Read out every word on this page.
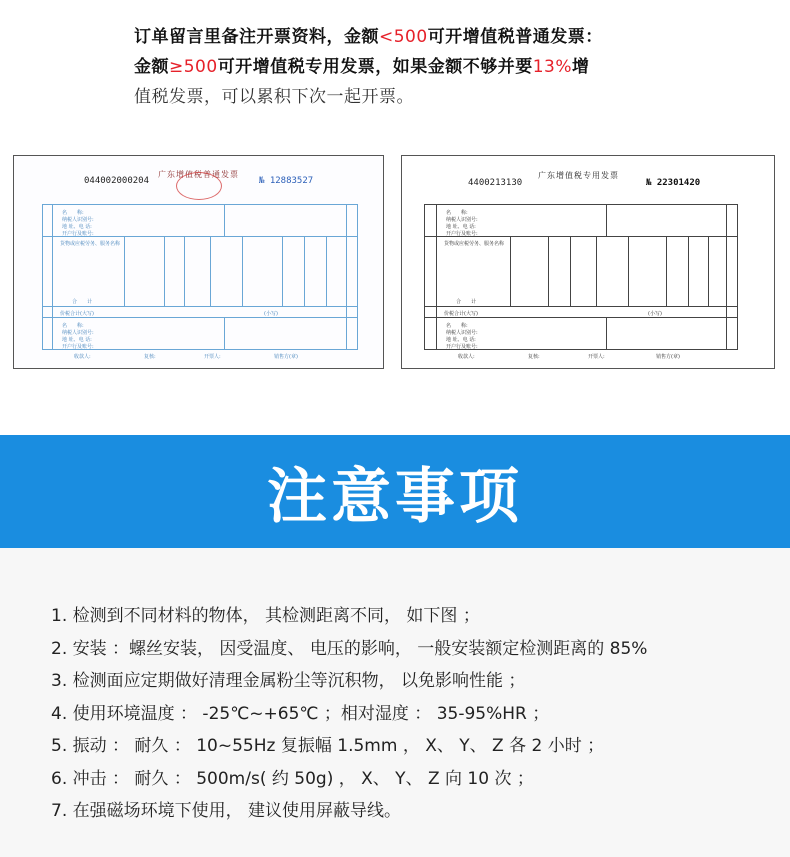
订单留言里备注开票资料，金额<500可开增值税普通发票：

金额≥500可开增值税专用发票，如果金额不够并要13%增

值税发票，可以累积下次一起开票。

044002000204
广东增值税普通发票
№ 12883527
名　　称:
纳税人识别号:
地 址、电 话:
开户行及账号:
货物或应税劳务、服务名称
合　　计
价税合计(大写)	(小写)
名　　称:
纳税人识别号:
地 址、电 话:
开户行及账号:
收款人:	复核:	开票人:	销售方(章)
4400213130
广东增值税专用发票
№ 22301420
名　　称:
纳税人识别号:
地 址、电 话:
开户行及账号:
货物或应税劳务、服务名称
合　　计
价税合计(大写)	(小写)
名　　称:
纳税人识别号:
地 址、电 话:
开户行及账号:
收款人:	复核:	开票人:	销售方(章)
注意事项
1. 检测到不同材料的物体， 其检测距离不同， 如下图 ；
2. 安装 ：螺丝安装， 因受温度、 电压的影响， 一般安装额定检测距离的 85%
3. 检测面应定期做好清理金属粉尘等沉积物， 以免影响性能 ；
4. 使用环境温度 ： -25℃~+65℃ ；相对湿度 ： 35-95%HR ；
5. 振动 ： 耐久 ： 10~55Hz 复振幅 1.5mm ， X、 Y、 Z 各 2 小时 ；
6. 冲击 ： 耐久 ： 500m/s( 约 50g) ， X、 Y、 Z 向 10 次 ；
7. 在强磁场环境下使用， 建议使用屏蔽导线。
